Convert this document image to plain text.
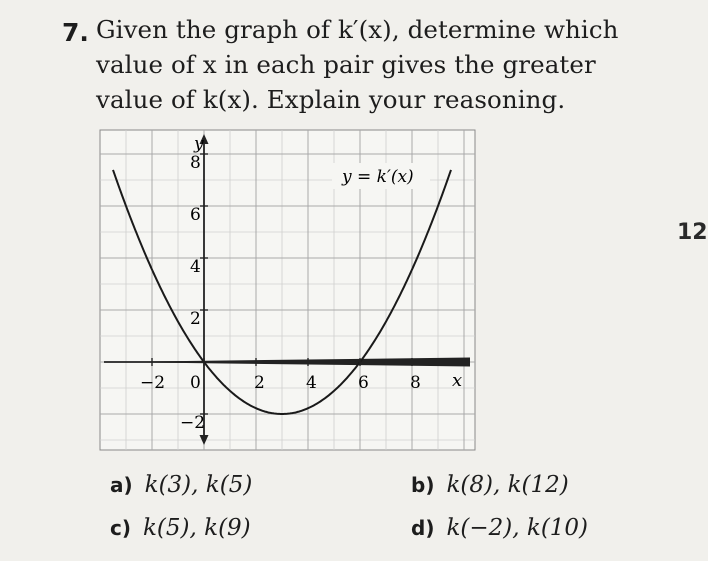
7. Given the graph of k′(x), determine which value of x in each pair gives the greater value of k(x). Explain your reasoning.
12
y
x
y = k′(x)
−2 0	2 4 6 8
8
6
4
2
−2
a) k(3), k(5)	b) k(8), k(12)
c) k(5), k(9)	d) k(−2), k(10)
